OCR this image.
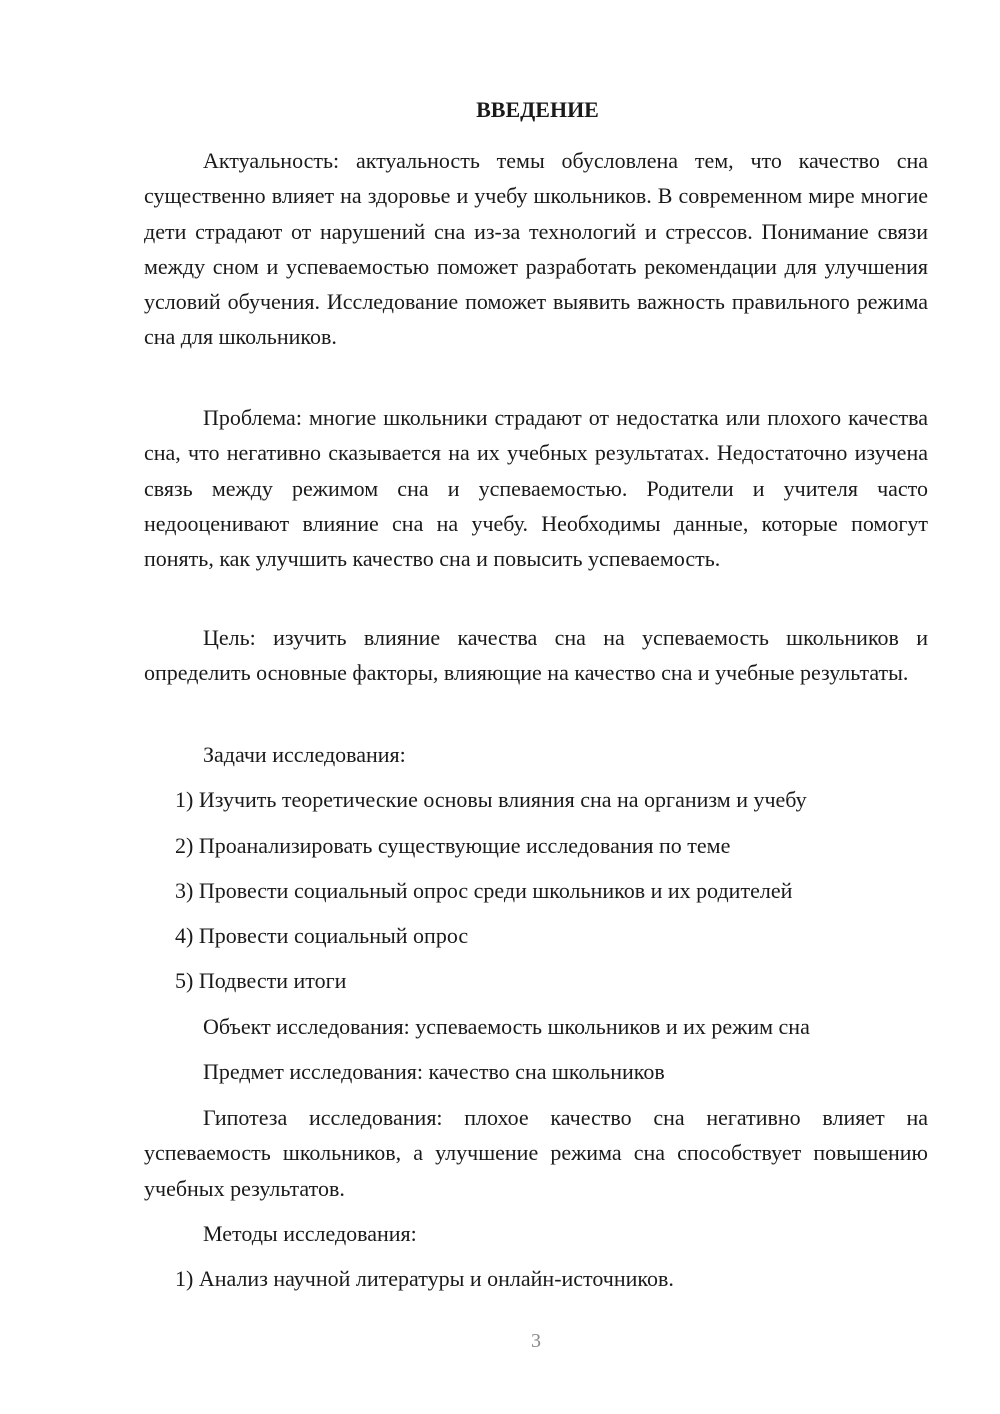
ВВЕДЕНИЕ
Актуальность: актуальность темы обусловлена тем, что качество сна существенно влияет на здоровье и учебу школьников. В современном мире многие дети страдают от нарушений сна из-за технологий и стрессов. Понимание связи между сном и успеваемостью поможет разработать рекомендации для улучшения условий обучения. Исследование поможет выявить важность правильного режима сна для школьников.
Проблема: многие школьники страдают от недостатка или плохого качества сна, что негативно сказывается на их учебных результатах. Недостаточно изучена связь между режимом сна и успеваемостью. Родители и учителя часто недооценивают влияние сна на учебу. Необходимы данные, которые помогут понять, как улучшить качество сна и повысить успеваемость.
Цель: изучить влияние качества сна на успеваемость школьников и определить основные факторы, влияющие на качество сна и учебные результаты.
Задачи исследования:
1) Изучить теоретические основы влияния сна на организм и учебу
2) Проанализировать существующие исследования по теме
3) Провести социальный опрос среди школьников и их родителей
4) Провести социальный опрос
5) Подвести итоги
Объект исследования: успеваемость школьников и их режим сна
Предмет исследования: качество сна школьников
Гипотеза исследования: плохое качество сна негативно влияет на успеваемость школьников, а улучшение режима сна способствует повышению учебных результатов.
Методы исследования:
1) Анализ научной литературы и онлайн-источников.
3
